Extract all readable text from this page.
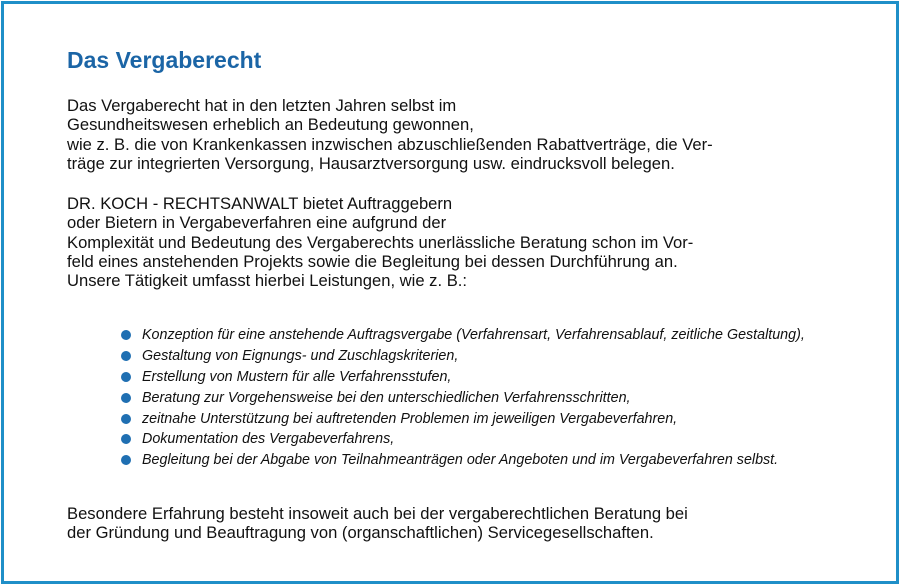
Das Vergaberecht

Das Vergaberecht hat in den letzten Jahren selbst im
Gesundheitswesen erheblich an Bedeutung gewonnen,
wie z. B. die von Krankenkassen inzwischen abzuschließenden Rabattverträge, die Ver-
träge zur integrierten Versorgung, Hausarztversorgung usw. eindrucksvoll belegen.

DR. KOCH - RECHTSANWALT bietet Auftraggebern
oder Bietern in Vergabeverfahren eine aufgrund der
Komplexität und Bedeutung des Vergaberechts unerlässliche Beratung schon im Vor-
feld eines anstehenden Projekts sowie die Begleitung bei dessen Durchführung an.
Unsere Tätigkeit umfasst hierbei Leistungen, wie z. B.:

Konzeption für eine anstehende Auftragsvergabe (Verfahrensart, Verfahrensablauf, zeitliche Gestaltung),
Gestaltung von Eignungs- und Zuschlagskriterien,
Erstellung von Mustern für alle Verfahrensstufen,
Beratung zur Vorgehensweise bei den unterschiedlichen Verfahrensschritten,
zeitnahe Unterstützung bei auftretenden Problemen im jeweiligen Vergabeverfahren,
Dokumentation des Vergabeverfahrens,
Begleitung bei der Abgabe von Teilnahmeanträgen oder Angeboten und im Vergabeverfahren selbst.

Besondere Erfahrung besteht insoweit auch bei der vergaberechtlichen Beratung bei
der Gründung und Beauftragung von (organschaftlichen) Servicegesellschaften.
